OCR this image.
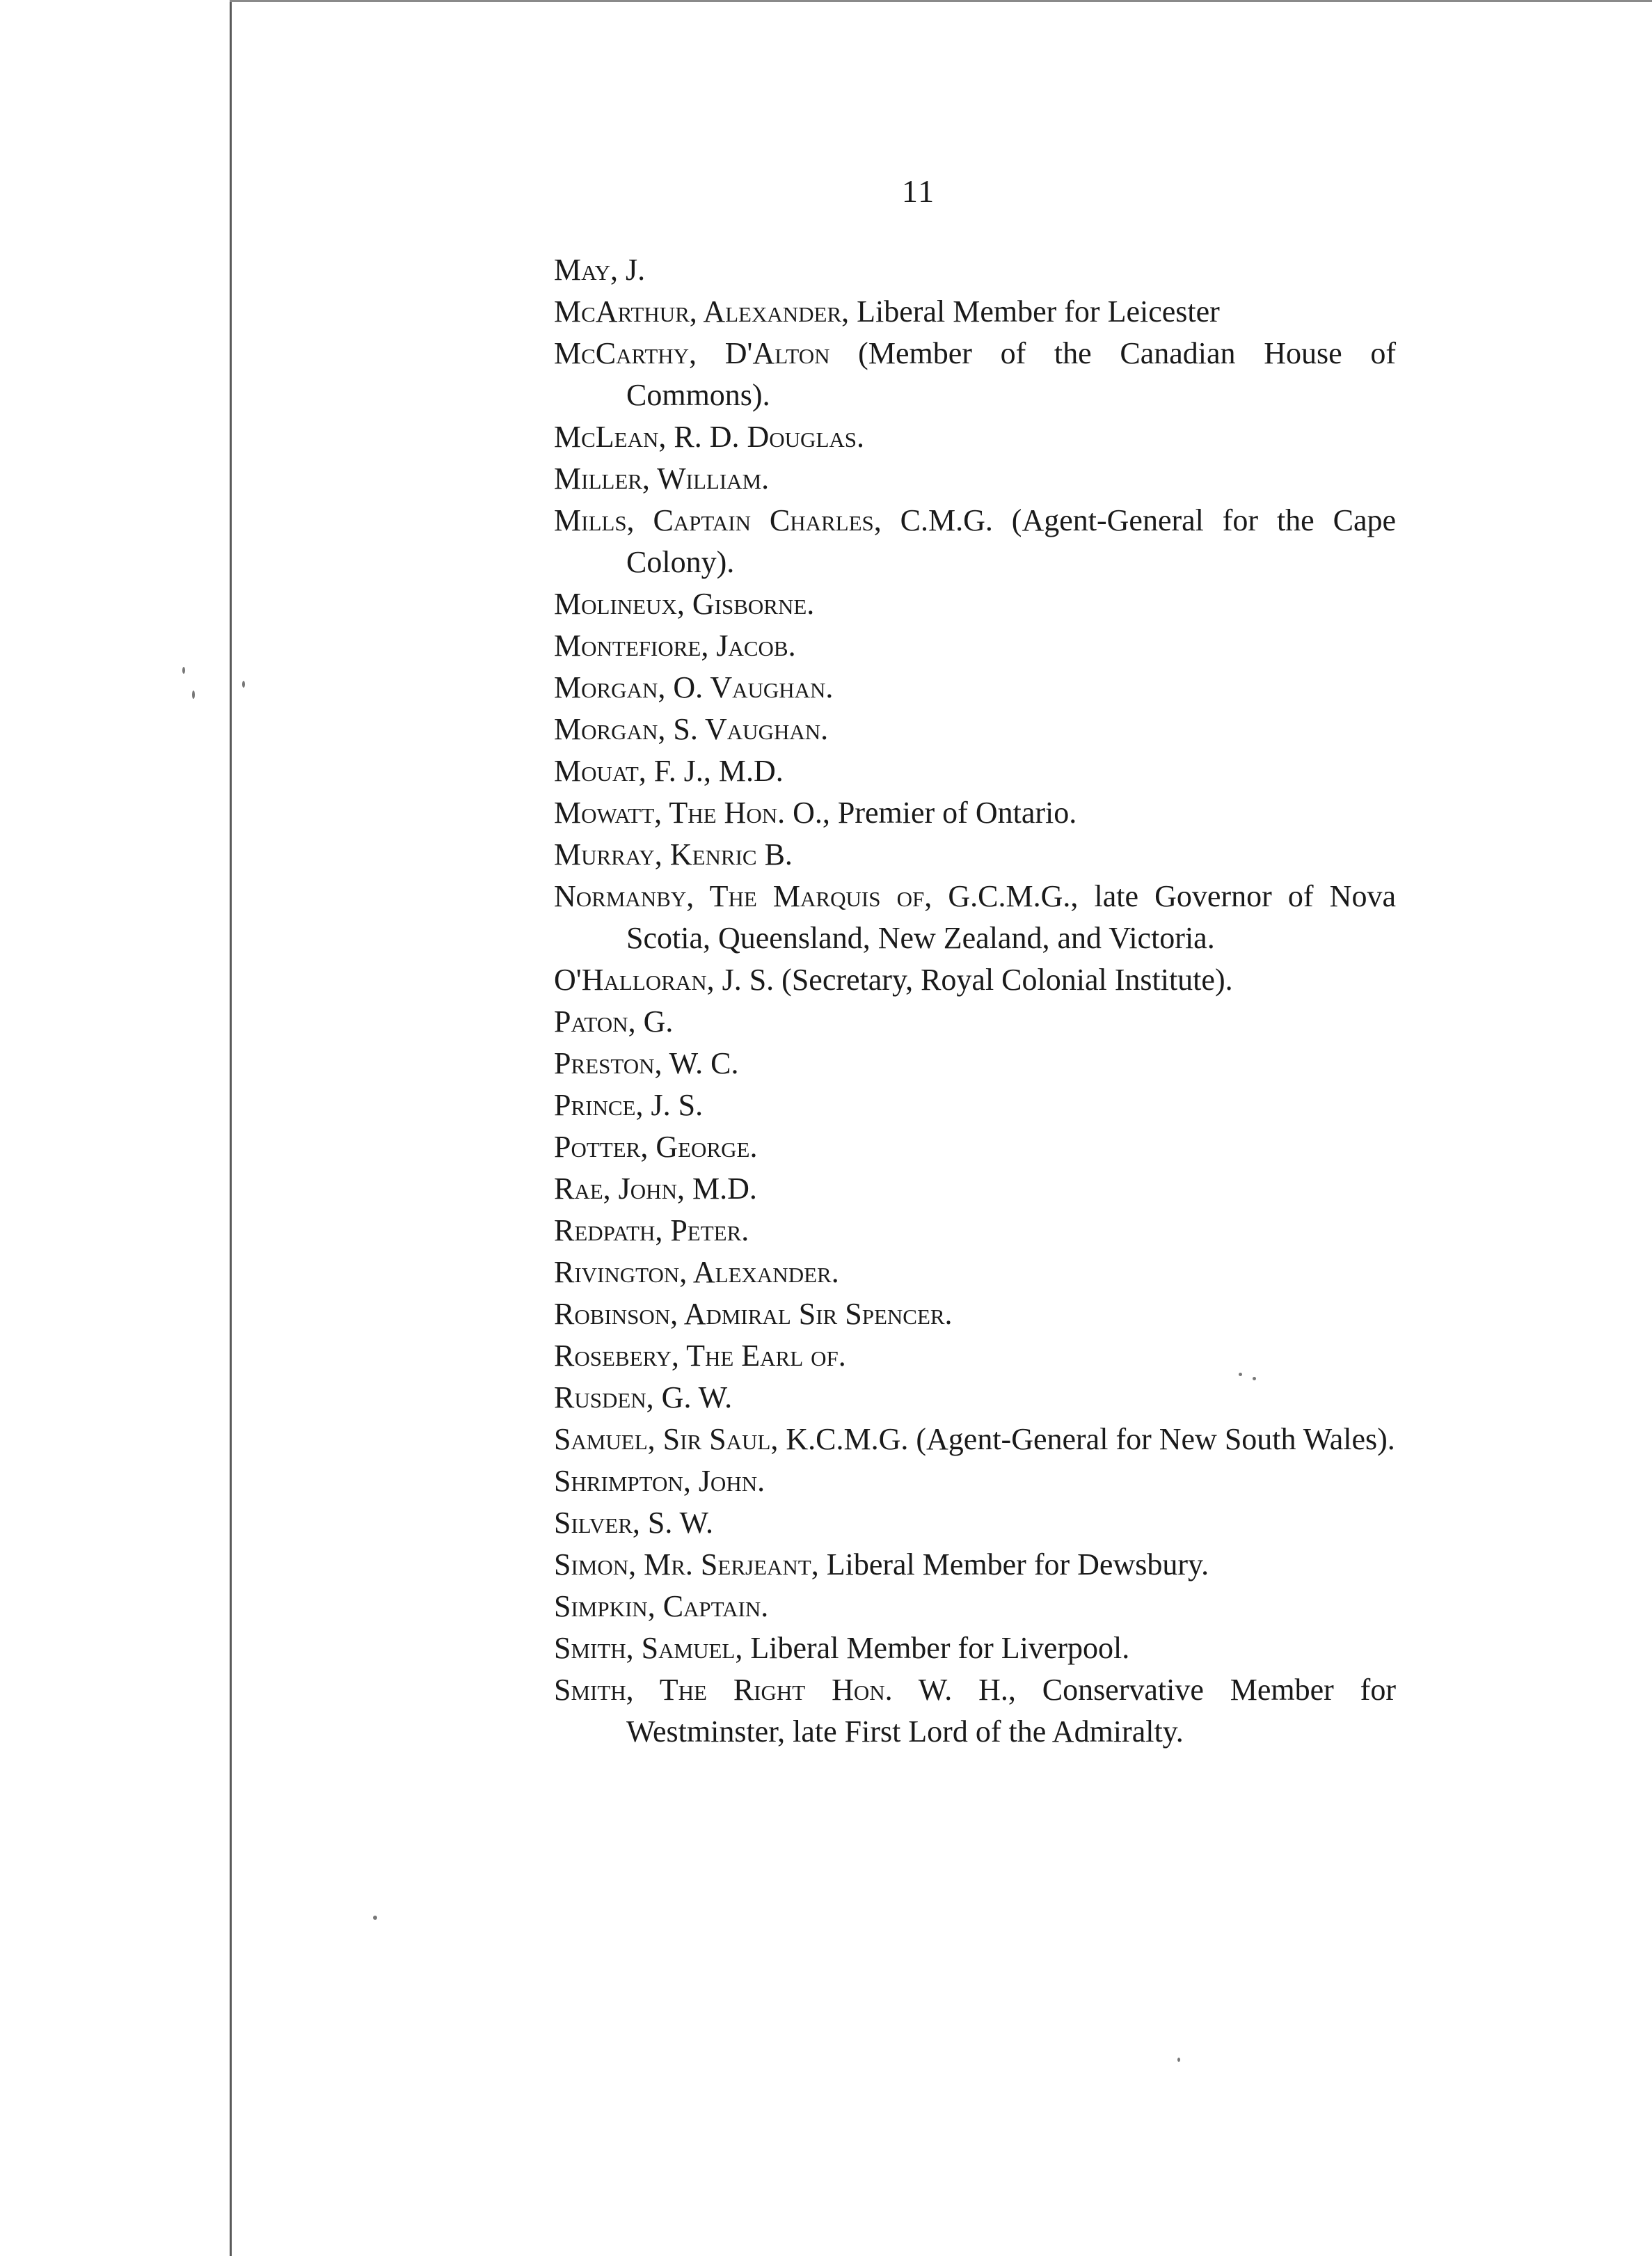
11
May, J.
McArthur, Alexander, Liberal Member for Leicester
McCarthy, D'Alton (Member of the Canadian House of Commons).
McLean, R. D. Douglas.
Miller, William.
Mills, Captain Charles, C.M.G. (Agent-General for the Cape Colony).
Molineux, Gisborne.
Montefiore, Jacob.
Morgan, O. Vaughan.
Morgan, S. Vaughan.
Mouat, F. J., M.D.
Mowatt, The Hon. O., Premier of Ontario.
Murray, Kenric B.
Normanby, The Marquis of, G.C.M.G., late Governor of Nova Scotia, Queensland, New Zealand, and Victoria.
O'Halloran, J. S. (Secretary, Royal Colonial Institute).
Paton, G.
Preston, W. C.
Prince, J. S.
Potter, George.
Rae, John, M.D.
Redpath, Peter.
Rivington, Alexander.
Robinson, Admiral Sir Spencer.
Rosebery, The Earl of.
Rusden, G. W.
Samuel, Sir Saul, K.C.M.G. (Agent-General for New South Wales).
Shrimpton, John.
Silver, S. W.
Simon, Mr. Serjeant, Liberal Member for Dewsbury.
Simpkin, Captain.
Smith, Samuel, Liberal Member for Liverpool.
Smith, The Right Hon. W. H., Conservative Member for Westminster, late First Lord of the Admiralty.
